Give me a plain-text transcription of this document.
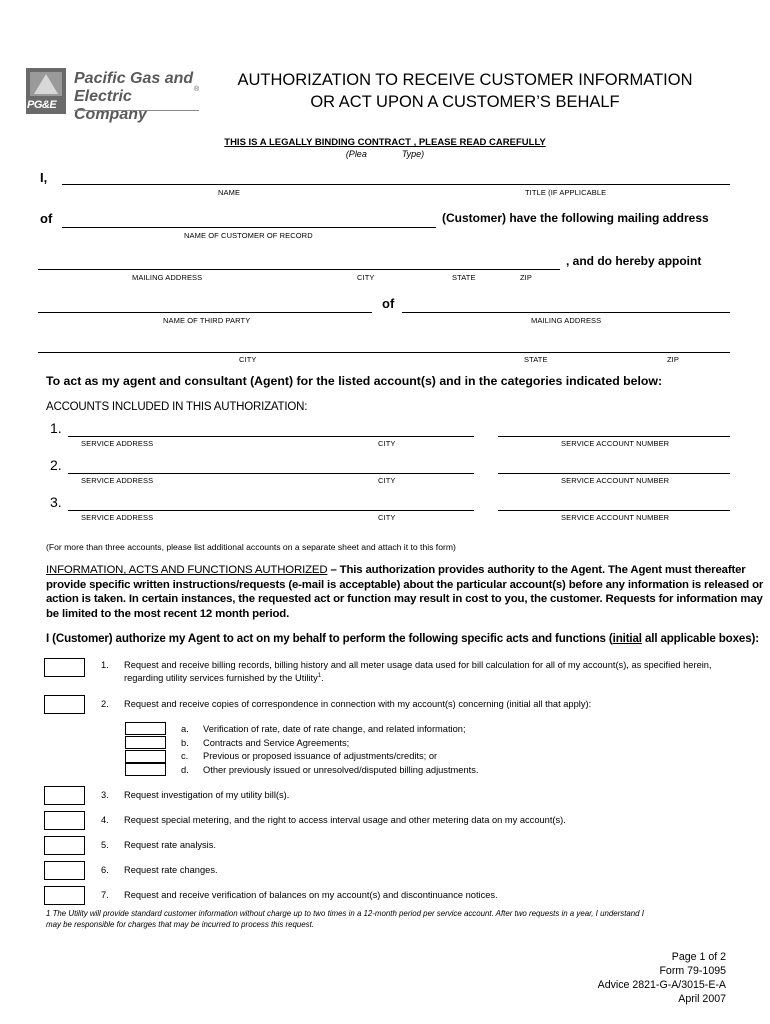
PG&E
Pacific Gas and
Electric Company
®
AUTHORIZATION TO RECEIVE CUSTOMER INFORMATION
OR ACT UPON A CUSTOMER’S BEHALF
THIS IS A LEGALLY BINDING CONTRACT , PLEASE READ CAREFULLY
(Plea              Type)
I,
NAME	TITLE (IF APPLICABLE
of	(Customer) have the following mailing address
NAME OF CUSTOMER OF RECORD
, and do hereby appoint
MAILING ADDRESS	CITY	STATE	ZIP
of
NAME OF THIRD PARTY	MAILING ADDRESS
CITY	STATE	ZIP
To act as my agent and consultant (Agent) for the listed account(s) and in the categories indicated below:
ACCOUNTS INCLUDED IN THIS AUTHORIZATION:
1.
SERVICE ADDRESS	CITY	SERVICE ACCOUNT NUMBER
2.
SERVICE ADDRESS	CITY	SERVICE ACCOUNT NUMBER
3.
SERVICE ADDRESS	CITY	SERVICE ACCOUNT NUMBER
(For more than three accounts, please list additional accounts on a separate sheet and attach it to this form)
INFORMATION, ACTS AND FUNCTIONS AUTHORIZED – This authorization provides authority to the Agent. The Agent must thereafter
provide specific written instructions/requests (e-mail is acceptable) about the particular account(s) before any information is released or
action is taken. In certain instances, the requested act or function may result in cost to you, the customer. Requests for information may
be limited to the most recent 12 month period.
I (Customer) authorize my Agent to act on my behalf to perform the following specific acts and functions (initial all applicable boxes):
1. Request and receive billing records, billing history and all meter usage data used for bill calculation for all of my account(s), as specified herein,
regarding utility services furnished by the Utility$^1$.
2. Request and receive copies of correspondence in connection with my account(s) concerning (initial all that apply):
a. Verification of rate, date of rate change, and related information;
b. Contracts and Service Agreements;
c. Previous or proposed issuance of adjustments/credits; or
d. Other previously issued or unresolved/disputed billing adjustments.
3. Request investigation of my utility bill(s).
4. Request special metering, and the right to access interval usage and other metering data on my account(s).
5. Request rate analysis.
6. Request rate changes.
7. Request and receive verification of balances on my account(s) and discontinuance notices.
1 The Utility will provide standard customer information without charge up to two times in a 12-month period per service account. After two requests in a year, I understand I
may be responsible for charges that may be incurred to process this request.
Page 1 of 2
Form 79-1095
Advice 2821-G-A/3015-E-A
April 2007
